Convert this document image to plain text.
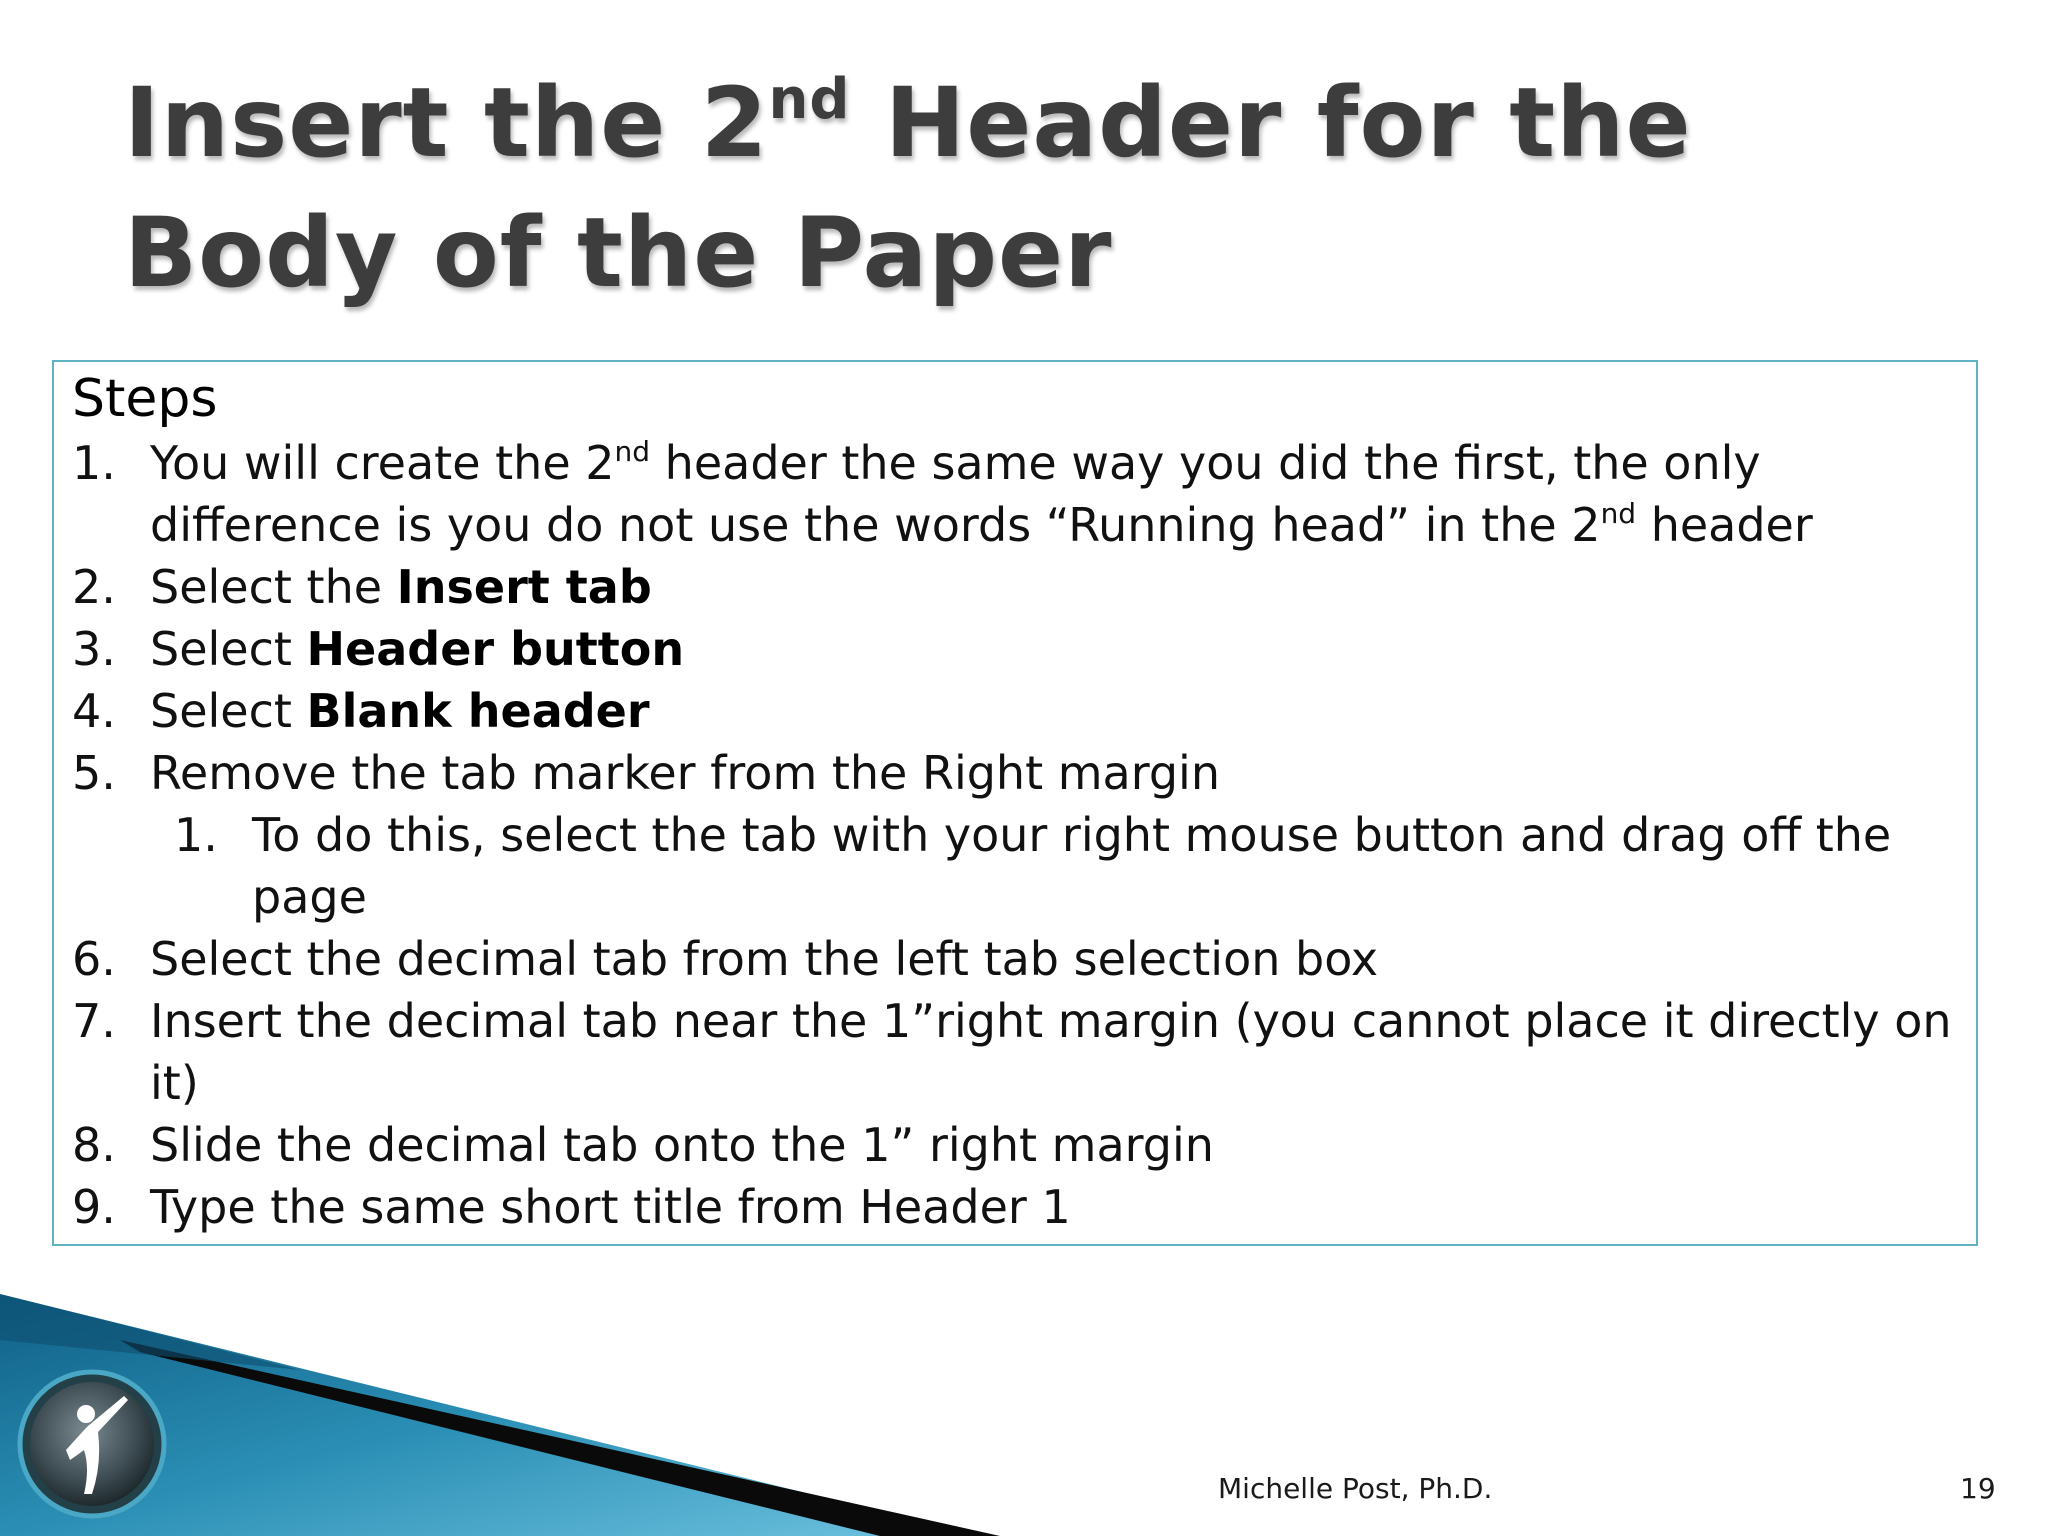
Insert the 2nd Header for the Body of the Paper

Steps

1. You will create the 2nd header the same way you did the first, the only difference is you do not use the words “Running head” in the 2nd header
2. Select the Insert tab
3. Select Header button
4. Select Blank header
5. Remove the tab marker from the Right margin
1. To do this, select the tab with your right mouse button and drag off the page
6. Select the decimal tab from the left tab selection box
7. Insert the decimal tab near the 1”right margin (you cannot place it directly on it)
8. Slide the decimal tab onto the 1” right margin
9. Type the same short title from Header 1
Michelle Post, Ph.D.	19
